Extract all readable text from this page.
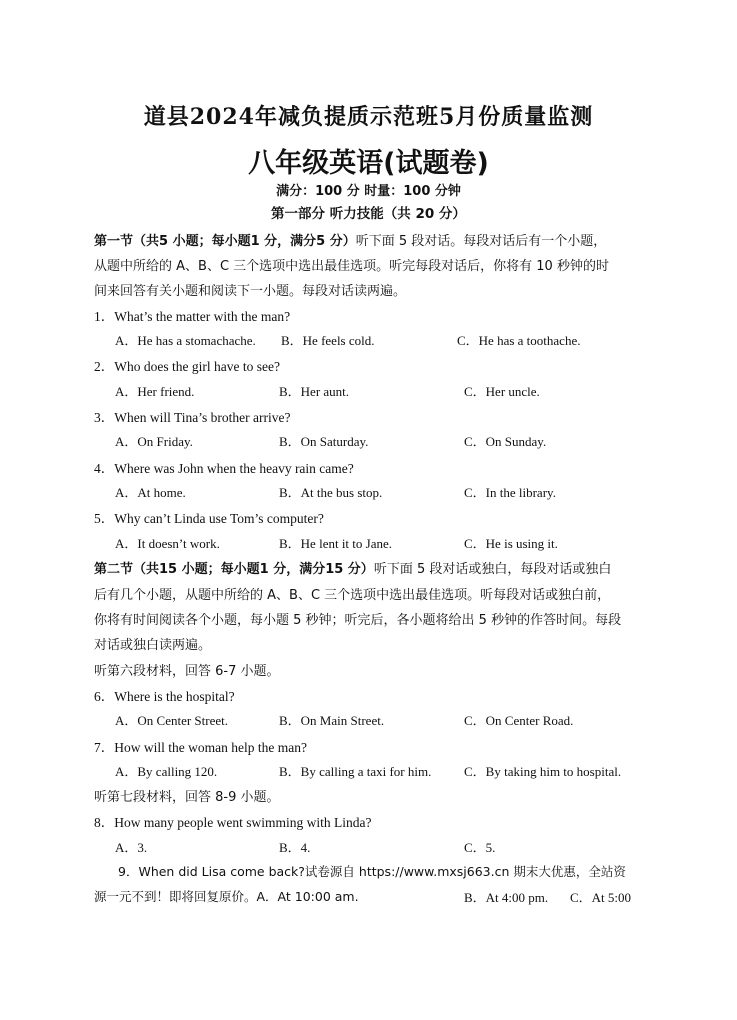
道县2024年减负提质示范班5月份质量监测
八年级英语(试题卷)
满分：100 分 时量：100 分钟
第一部分 听力技能（共 20 分）
第一节（共5 小题；每小题1 分，满分5 分）听下面 5 段对话。每段对话后有一个小题，
从题中所给的 A、B、C 三个选项中选出最佳选项。听完每段对话后，你将有 10 秒钟的时
间来回答有关小题和阅读下一小题。每段对话读两遍。
1．What’s the matter with the man?
A．He has a stomachache. B．He feels cold.	C．He has a toothache.
2．Who does the girl have to see?
A．Her friend.	B．Her aunt.	C．Her uncle.
3．When will Tina’s brother arrive?
A．On Friday.	B．On Saturday.	C．On Sunday.
4．Where was John when the heavy rain came?
A．At home.	B．At the bus stop.	C．In the library.
5．Why can’t Linda use Tom’s computer?
A．It doesn’t work.	B．He lent it to Jane.	C．He is using it.
第二节（共15 小题；每小题1 分，满分15 分）听下面 5 段对话或独白，每段对话或独白
后有几个小题，从题中所给的 A、B、C 三个选项中选出最佳选项。听每段对话或独白前，
你将有时间阅读各个小题，每小题 5 秒钟；听完后，各小题将给出 5 秒钟的作答时间。每段
对话或独白读两遍。
听第六段材料，回答 6-7 小题。
6．Where is the hospital?
A．On Center Street.	B．On Main Street.	C．On Center Road.
7．How will the woman help the man?
A．By calling 120.	B．By calling a taxi for him.	C．By taking him to hospital.
听第七段材料，回答 8-9 小题。
8．How many people went swimming with Linda?
A．3.	B．4.	C．5.
9．When did Lisa come back?试卷源自 https://www.mxsj663.cn 期末大优惠，全站资
源一元不到！即将回复原价。A．At 10:00 am.	B．At 4:00 pm. C．At 5:00
